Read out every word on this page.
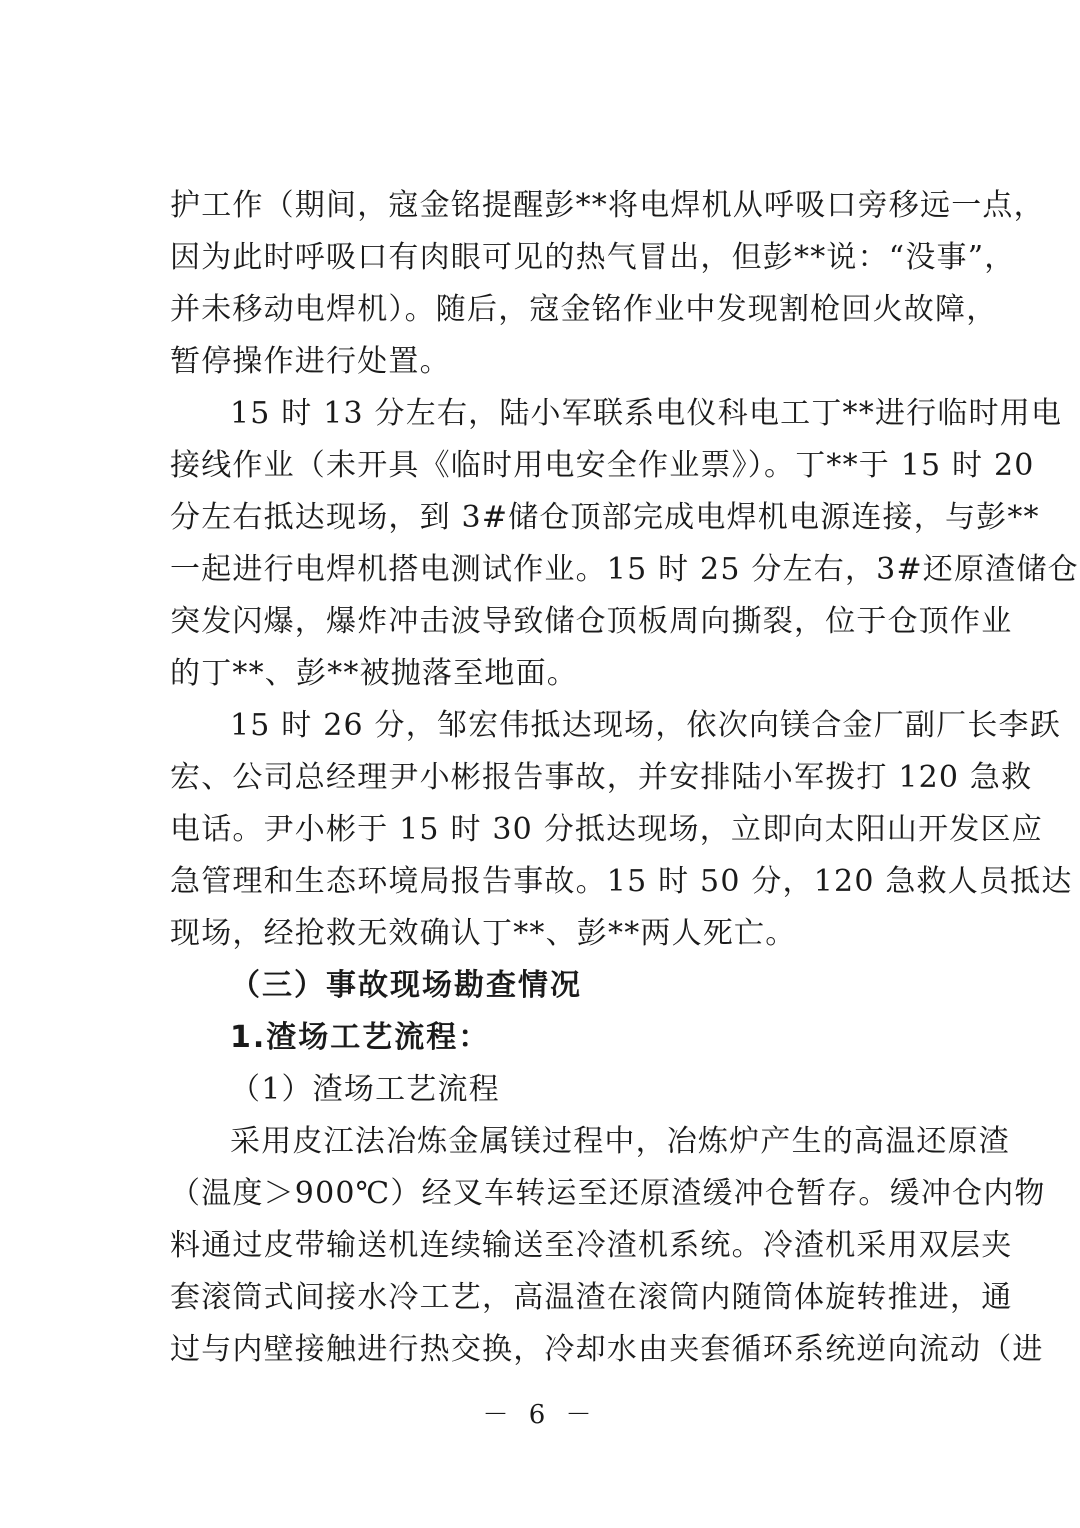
护工作（期间，寇金铭提醒彭**将电焊机从呼吸口旁移远一点，
因为此时呼吸口有肉眼可见的热气冒出，但彭**说：“没事”，
并未移动电焊机）。随后，寇金铭作业中发现割枪回火故障，
暂停操作进行处置。
15 时 13 分左右，陆小军联系电仪科电工丁**进行临时用电
接线作业（未开具《临时用电安全作业票》）。丁**于 15 时 20
分左右抵达现场，到 3#储仓顶部完成电焊机电源连接，与彭**
一起进行电焊机搭电测试作业。15 时 25 分左右，3#还原渣储仓
突发闪爆，爆炸冲击波导致储仓顶板周向撕裂，位于仓顶作业
的丁**、彭**被抛落至地面。
15 时 26 分，邹宏伟抵达现场，依次向镁合金厂副厂长李跃
宏、公司总经理尹小彬报告事故，并安排陆小军拨打 120 急救
电话。尹小彬于 15 时 30 分抵达现场，立即向太阳山开发区应
急管理和生态环境局报告事故。15 时 50 分，120 急救人员抵达
现场，经抢救无效确认丁**、彭**两人死亡。
（三）事故现场勘查情况
1.渣场工艺流程：
（1）渣场工艺流程
采用皮江法冶炼金属镁过程中，冶炼炉产生的高温还原渣
（温度＞900℃）经叉车转运至还原渣缓冲仓暂存。缓冲仓内物
料通过皮带输送机连续输送至冷渣机系统。冷渣机采用双层夹
套滚筒式间接水冷工艺，高温渣在滚筒内随筒体旋转推进，通
过与内壁接触进行热交换，冷却水由夹套循环系统逆向流动（进
－ 6 －
